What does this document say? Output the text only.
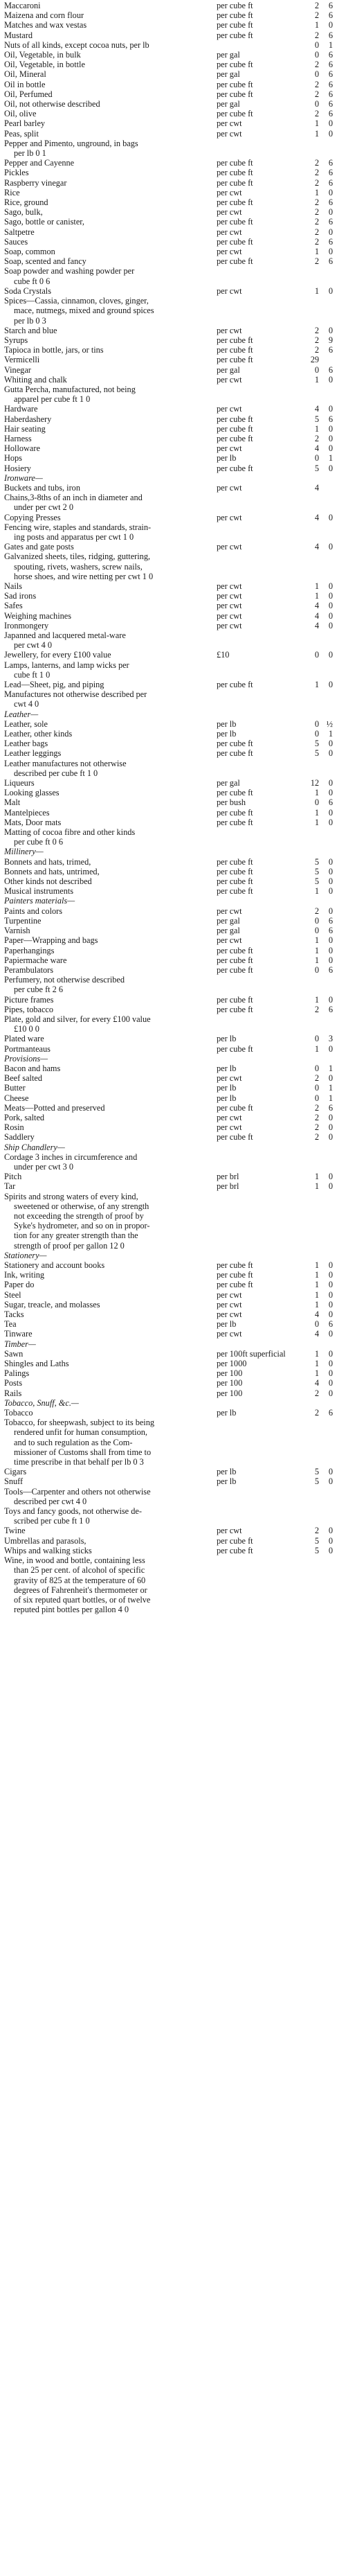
Maccaroni	per cube ft	2	6
Maizena and corn flour	per cube ft	2	6
Matches and wax vestas	per cube ft	1	0
Mustard	per cube ft	2	6
Nuts of all kinds, except cocoa nuts, per lb	0	1
Oil, Vegetable, in bulk	per gal	0	6
Oil, Vegetable, in bottle	per cube ft	2	6
Oil, Mineral	per gal	0	6
Oil in bottle	per cube ft	2	6
Oil, Perfumed	per cube ft	2	6
Oil, not otherwise described	per gal	0	6
Oil, olive	per cube ft	2	6
Pearl barley	per cwt	1	0
Peas, split	per cwt	1	0
Pepper and Pimento, unground, in bags
per lb 0 1
Pepper and Cayenne	per cube ft	2	6
Pickles	per cube ft	2	6
Raspberry vinegar	per cube ft	2	6
Rice	per cwt	1	0
Rice, ground	per cube ft	2	6
Sago, bulk,	per cwt	2	0
Sago, bottle or canister,	per cube ft	2	6
Saltpetre	per cwt	2	0
Sauces	per cube ft	2	6
Soap, common	per cwt	1	0
Soap, scented and fancy	per cube ft	2	6
Soap powder and washing powder per
cube ft 0 6
Soda Crystals	per cwt	1	0
Spices—Cassia, cinnamon, cloves, ginger,
mace, nutmegs, mixed and ground spices
per lb 0 3
Starch and blue	per cwt	2	0
Syrups	per cube ft	2	9
Tapioca in bottle, jars, or tins	per cube ft	2	6
Vermicelli	per cube ft	29
Vinegar	per gal	0	6
Whiting and chalk	per cwt	1	0
Gutta Percha, manufactured, not being
apparel per cube ft 1 0
Hardware	per cwt	4	0
Haberdashery	per cube ft	5	6
Hair seating	per cube ft	1	0
Harness	per cube ft	2	0
Holloware	per cwt	4	0
Hops	per lb	0	1
Hosiery	per cube ft	5	0
Ironware—
Buckets and tubs, iron	per cwt	4
Chains,3-8ths of an inch in diameter and
under per cwt 2 0
Copying Presses	per cwt	4	0
Fencing wire, staples and standards, strain-
ing posts and apparatus per cwt 1 0
Gates and gate posts	per cwt	4	0
Galvanized sheets, tiles, ridging, guttering,
spouting, rivets, washers, screw nails,
horse shoes, and wire netting per cwt 1 0
Nails	per cwt	1	0
Sad irons	per cwt	1	0
Safes	per cwt	4	0
Weighing machines	per cwt	4	0
Ironmongery	per cwt	4	0
Japanned and lacquered metal-ware
per cwt 4 0
Jewellery, for every £100 value	£10	0	0
Lamps, lanterns, and lamp wicks per
cube ft 1 0
Lead—Sheet, pig, and piping	per cube ft	1	0
Manufactures not otherwise described per
cwt 4 0
Leather—
Leather, sole	per lb	0 ½
Leather, other kinds	per lb	0	1
Leather bags	per cube ft	5	0
Leather leggings	per cube ft	5	0
Leather manufactures not otherwise
described per cube ft 1 0
Liqueurs	per gal	12	0
Looking glasses	per cube ft	1	0
Malt	per bush	0	6
Mantelpieces	per cube ft	1	0
Mats, Door mats	per cube ft	1	0
Matting of cocoa fibre and other kinds
per cube ft 0 6
Millinery—
Bonnets and hats, trimed,	per cube ft	5	0
Bonnets and hats, untrimed,	per cube ft	5	0
Other kinds not described	per cube ft	5	0
Musical instruments	per cube ft	1	0
Painters materials—
Paints and colors	per cwt	2	0
Turpentine	per gal	0	6
Varnish	per gal	0	6
Paper—Wrapping and bags	per cwt	1	0
Paperhangings	per cube ft	1	0
Papiermache ware	per cube ft	1	0
Perambulators	per cube ft	0	6
Perfumery, not otherwise described
per cube ft 2 6
Picture frames	per cube ft	1	0
Pipes, tobacco	per cube ft	2	6
Plate, gold and silver, for every £100 value
£10 0 0
Plated ware	per lb	0	3
Portmanteaus	per cube ft	1	0
Provisions—
Bacon and hams	per lb	0	1
Beef salted	per cwt	2	0
Butter	per lb	0	1
Cheese	per lb	0	1
Meats—Potted and preserved	per cube ft	2	6
Pork, salted	per cwt	2	0
Rosin	per cwt	2	0
Saddlery	per cube ft	2	0
Ship Chandlery—
Cordage 3 inches in circumference and
under per cwt 3 0
Pitch	per brl	1	0
Tar	per brl	1	0
Spirits and strong waters of every kind,
sweetened or otherwise, of any strength
not exceeding the strength of proof by
Syke's hydrometer, and so on in propor-
tion for any greater strength than the
strength of proof per gallon 12 0
Stationery—
Stationery and account books	per cube ft	1	0
Ink, writing	per cube ft	1	0
Paper do	per cube ft	1	0
Steel	per cwt	1	0
Sugar, treacle, and molasses	per cwt	1	0
Tacks	per cwt	4	0
Tea	per lb	0	6
Tinware	per cwt	4	0
Timber—
Sawn	per 100ft superficial	1	0
Shingles and Laths	per 1000	1	0
Palings	per 100	1	0
Posts	per 100	4	0
Rails	per 100	2	0
Tobacco, Snuff, &c.—
Tobacco	per lb	2	6
Tobacco, for sheepwash, subject to its being
rendered unfit for human consumption,
and to such regulation as the Com-
missioner of Customs shall from time to
time prescribe in that behalf per lb 0 3
Cigars	per lb	5	0
Snuff	per lb	5	0
Tools—Carpenter and others not otherwise
described per cwt 4 0
Toys and fancy goods, not otherwise de-
scribed per cube ft 1 0
Twine	per cwt	2	0
Umbrellas and parasols,	per cube ft	5	0
Whips and walking sticks	per cube ft	5	0
Wine, in wood and bottle, containing less
than 25 per cent. of alcohol of specific
gravity of 825 at the temperature of 60
degrees of Fahrenheit's thermometer or
of six reputed quart bottles, or of twelve
reputed pint bottles per gallon 4 0
